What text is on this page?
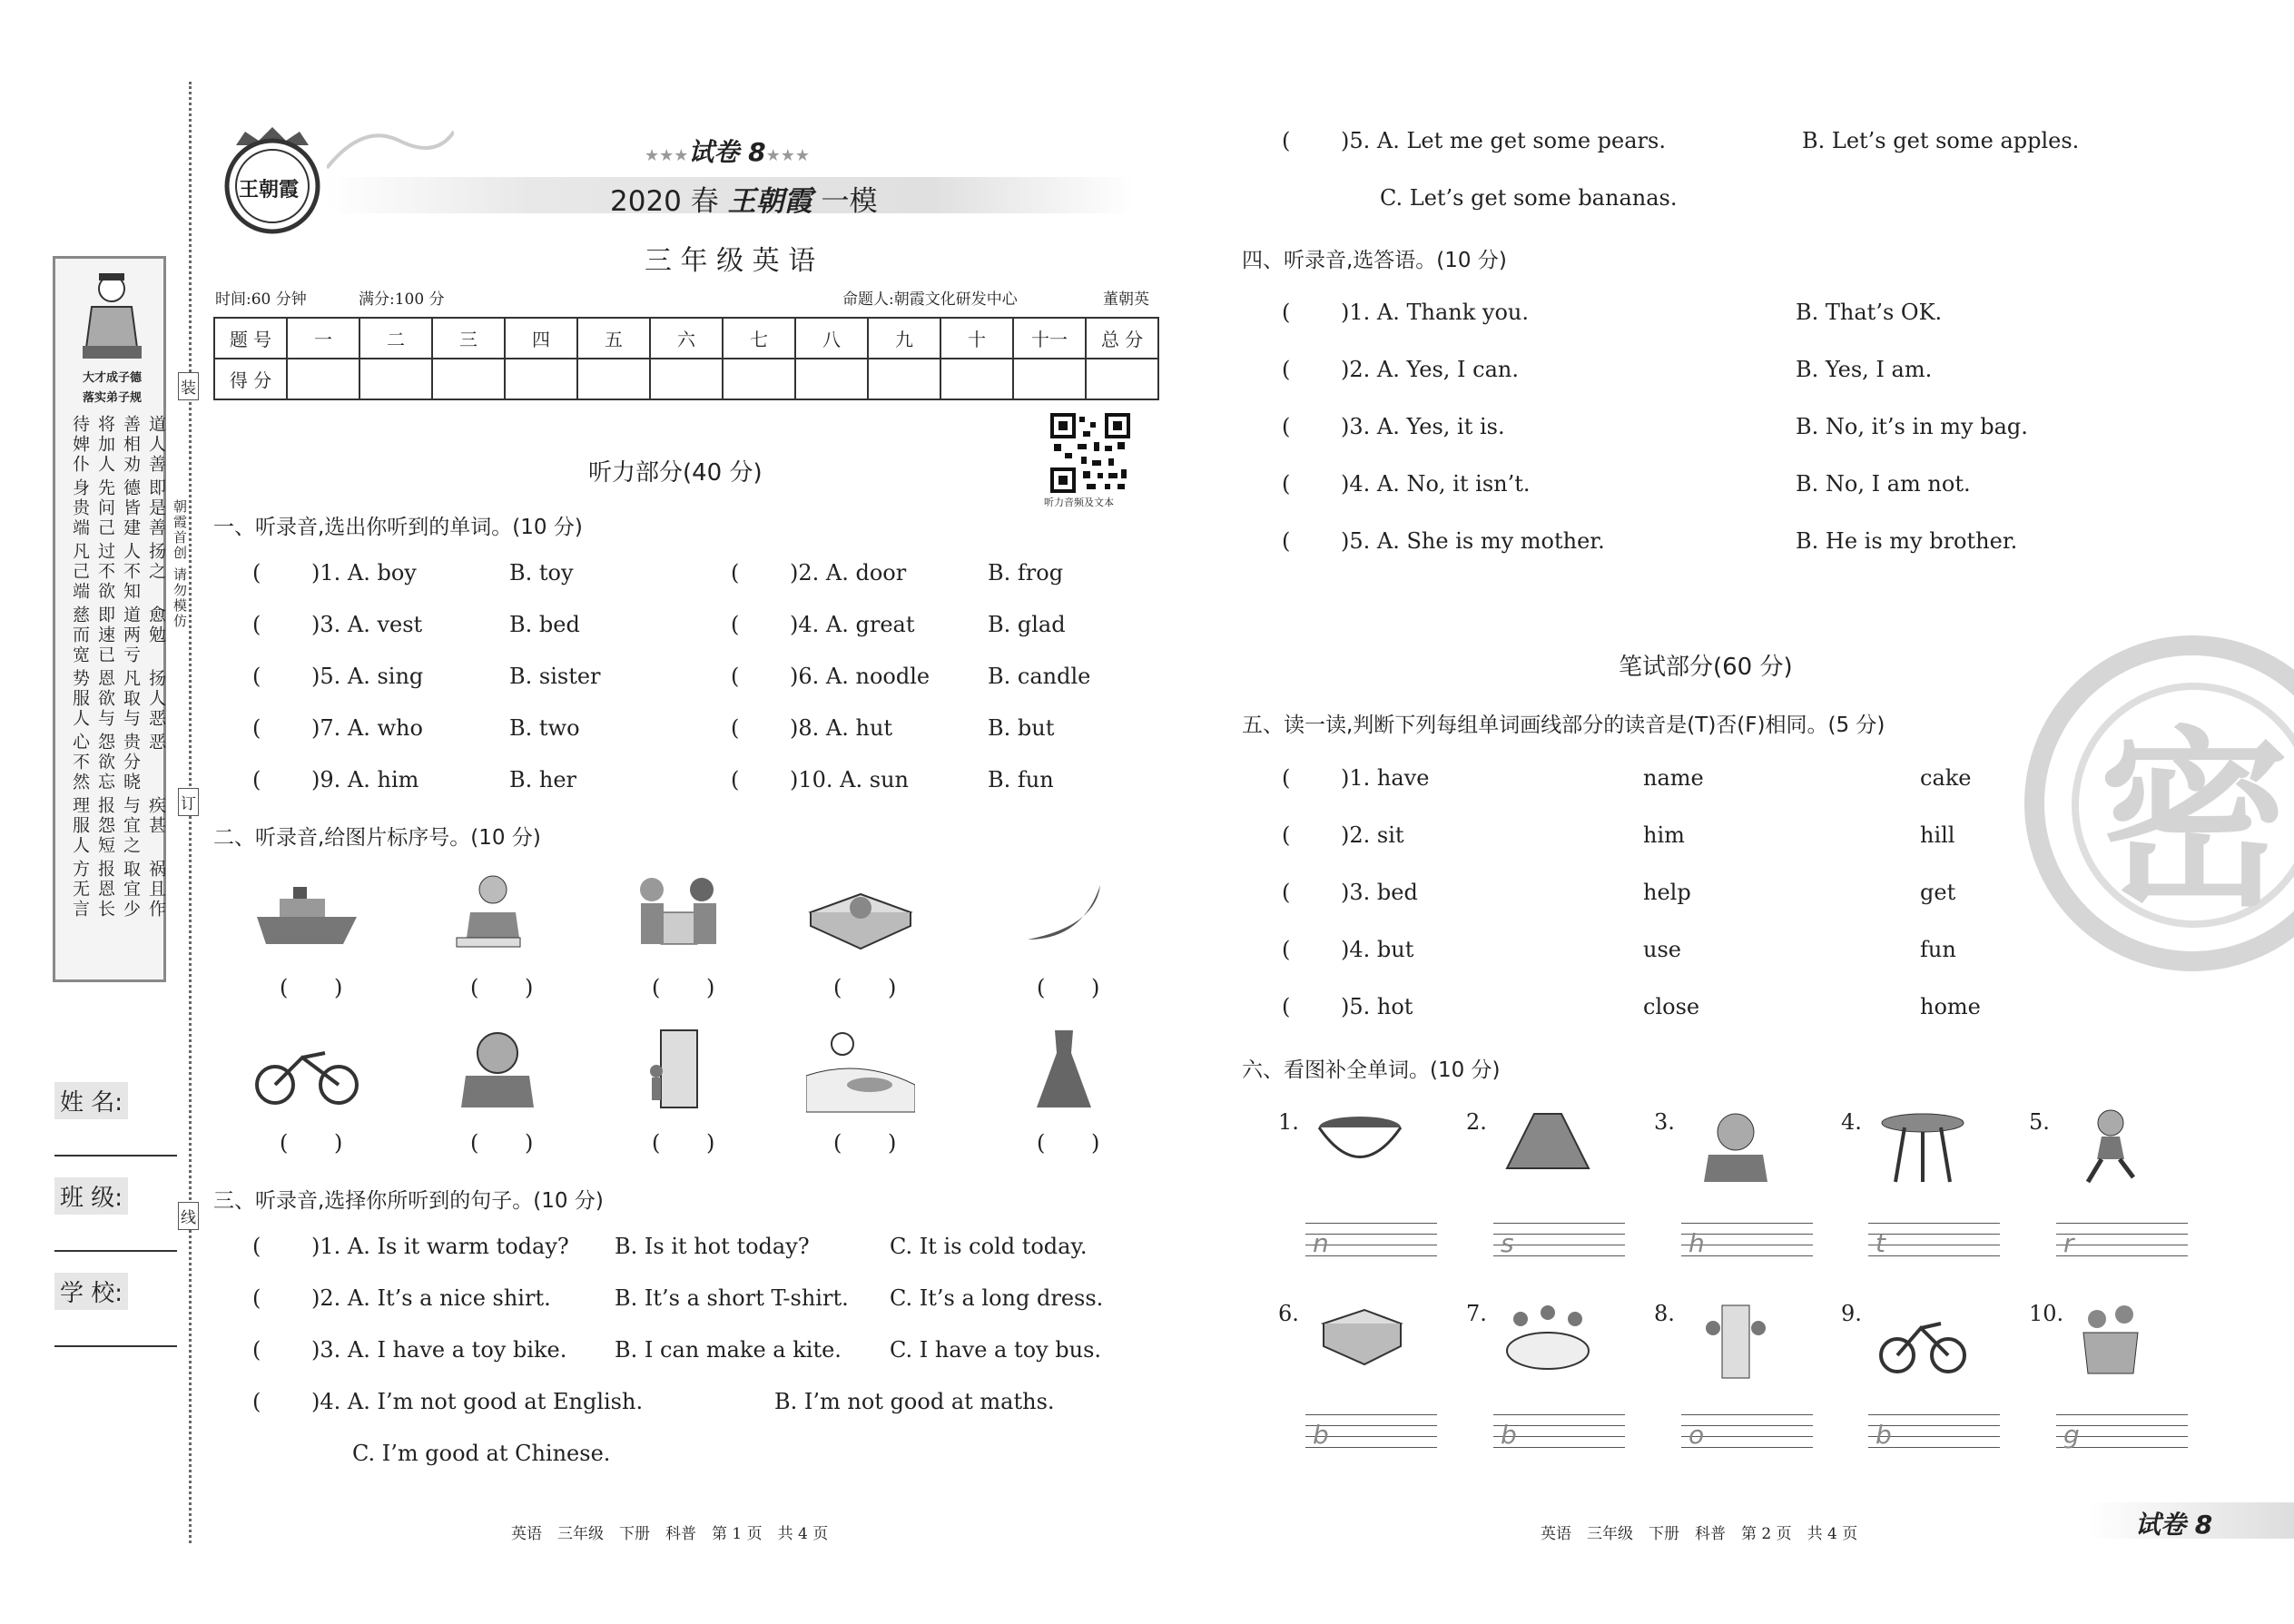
大才成子德
落实弟子规
待婢仆 将加人 善相劝 道人善
身贵端 先问己 德皆建 即是善
凡己端 过不欲 人不知 扬之
慈而宽 即速已 道两亏 愈勉
势服人 恩欲与 凡取与 扬人恶
心不然 怨欲忘 贵分晓 恶
理服人 报怨短 与宜之 疾甚
方无言 报恩长 取宜少 祸且作
朝霞首创 请勿模仿
装
订
线
姓 名:
班 级:
学 校:
王朝霞
★★★试卷 8★★★
2020 春 王朝霞 一模
三 年 级 英 语
时间:60 分钟	满分:100 分	命题人:朝霞文化研发中心	董朝英
题 号	一	二	三	四	五	六	七	八	九	十	十一	总 分
得 分												
听力音频及文本
听力部分(40 分)
一、听录音,选出你听到的单词。(10 分)
( )1. A. boy	B. toy	( )2. A. door	B. frog
( )3. A. vest	B. bed	( )4. A. great	B. glad
( )5. A. sing	B. sister	( )6. A. noodle	B. candle
( )7. A. who	B. two	( )8. A. hut	B. but
( )9. A. him	B. her	( )10. A. sun	B. fun
二、听录音,给图片标序号。(10 分)
( )	( )	( )	( )	( )
( )	( )	( )	( )	( )
三、听录音,选择你所听到的句子。(10 分)
( )1. A. Is it warm today? B. Is it hot today?	C. It is cold today.
( )2. A. It’s a nice shirt.	B. It’s a short T-shirt. C. It’s a long dress.
( )3. A. I have a toy bike. B. I can make a kite. C. I have a toy bus.
( )4. A. I’m not good at English.	B. I’m not good at maths.
C. I’m good at Chinese.
( )5. A. Let me get some pears.	B. Let’s get some apples.
C. Let’s get some bananas.
四、听录音,选答语。(10 分)
( )1. A. Thank you.	B. That’s OK.
( )2. A. Yes, I can.	B. Yes, I am.
( )3. A. Yes, it is.	B. No, it’s in my bag.
( )4. A. No, it isn’t.	B. No, I am not.
( )5. A. She is my mother.	B. He is my brother.
笔试部分(60 分)
五、读一读,判断下列每组单词画线部分的读音是(T)否(F)相同。(5 分)
( )1. have	name	cake
( )2. sit	him	hill
( )3. bed	help	get
( )4. but	use	fun
( )5. hot	close	home
六、看图补全单词。(10 分)
1.
n
2.
s
3.
h
4.
t
5.
r
6.
b
7.
b
8.
o
9.
b
10.
g
密
英语　三年级　下册　科普　第 1 页　共 4 页	英语　三年级　下册　科普　第 2 页　共 4 页	试卷 8
